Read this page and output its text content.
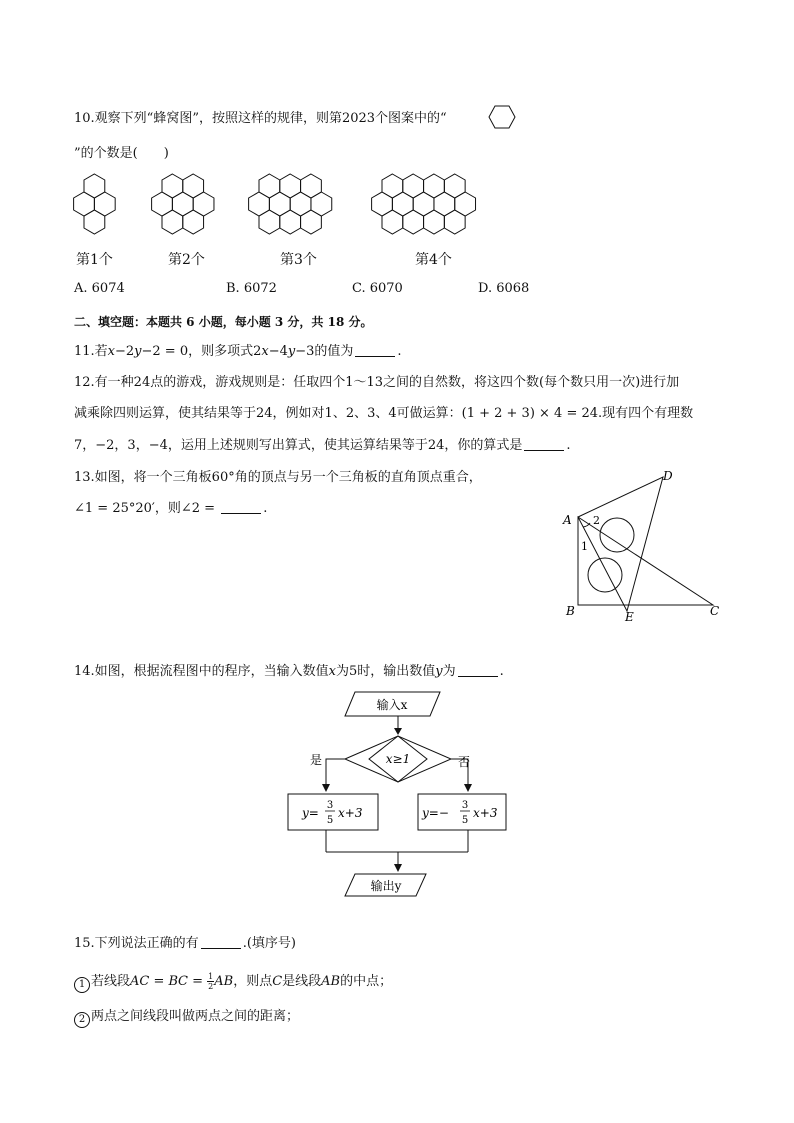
10.观察下列“蜂窝图”，按照这样的规律，则第2023个图案中的“
”的个数是(　　)
第1个	第2个	第3个	第4个
A. 6074	B. 6072	C. 6070	D. 6068
二、填空题：本题共 6 小题，每小题 3 分，共 18 分。
11.若𝑥−2𝑦−2 = 0，则多项式2𝑥−4𝑦−3的值为	.
12.有一种24点的游戏，游戏规则是：任取四个1～13之间的自然数，将这四个数(每个数只用一次)进行加
减乘除四则运算，使其结果等于24，例如对1、2、3、4可做运算：(1 + 2 + 3) × 4 = 24.现有四个有理数
7，−2，3，−4，运用上述规则写出算式，使其运算结果等于24，你的算式是	.
13.如图，将一个三角板60°角的顶点与另一个三角板的直角顶点重合，
∠1 = 25°20′，则∠2 =	.
A
B	C
D
E
1
2
14.如图，根据流程图中的程序，当输入数值𝑥为5时，输出数值𝑦为	.
输入x
x≥1
是	否
y=
3
5
x+3	y=−
3
5
x+3
输出y
15.下列说法正确的有	.(填序号)
1 若线段𝐴𝐶 = 𝐵𝐶 = $\frac{1}{2}$ 𝐴𝐵，则点𝐶是线段𝐴𝐵的中点；
2 两点之间线段叫做两点之间的距离；
